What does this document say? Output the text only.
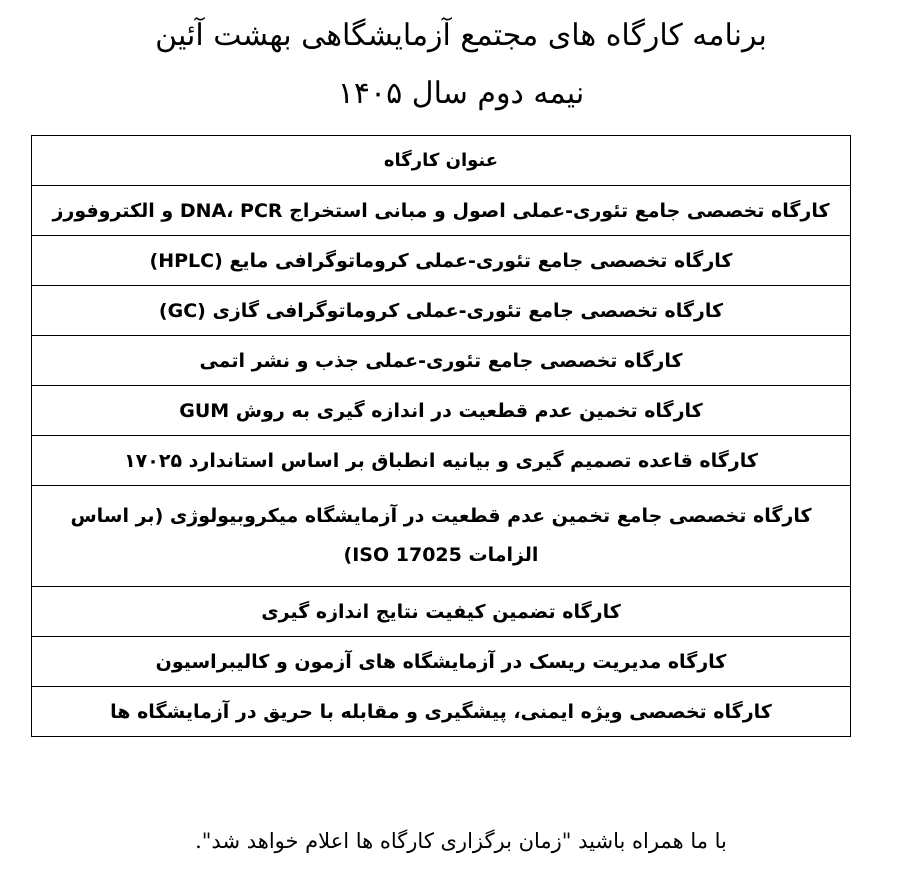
برنامه کارگاه های مجتمع آزمایشگاهی بهشت آئین
نیمه دوم سال ۱۴۰۵
عنوان کارگاه
کارگاه تخصصی جامع تئوری-عملی اصول و مبانی استخراج DNA، PCR و الکتروفورز
کارگاه تخصصی جامع تئوری-عملی کروماتوگرافی مایع (HPLC)
کارگاه تخصصی جامع تئوری-عملی کروماتوگرافی گازی (GC)
کارگاه تخصصی جامع تئوری-عملی جذب و نشر اتمی
کارگاه تخمین عدم قطعیت در اندازه گیری به روش GUM
کارگاه قاعده تصمیم گیری و بیانیه انطباق بر اساس استاندارد ۱۷۰۲۵
کارگاه تخصصی جامع تخمین عدم قطعیت در آزمایشگاه میکروبیولوژی (بر اساس الزامات ISO 17025)
کارگاه تضمین کیفیت نتایج اندازه گیری
کارگاه مدیریت ریسک در آزمایشگاه های آزمون و کالیبراسیون
کارگاه تخصصی ویژه ایمنی، پیشگیری و مقابله با حریق در آزمایشگاه ها
با ما همراه باشید "زمان برگزاری کارگاه ها اعلام خواهد شد".
